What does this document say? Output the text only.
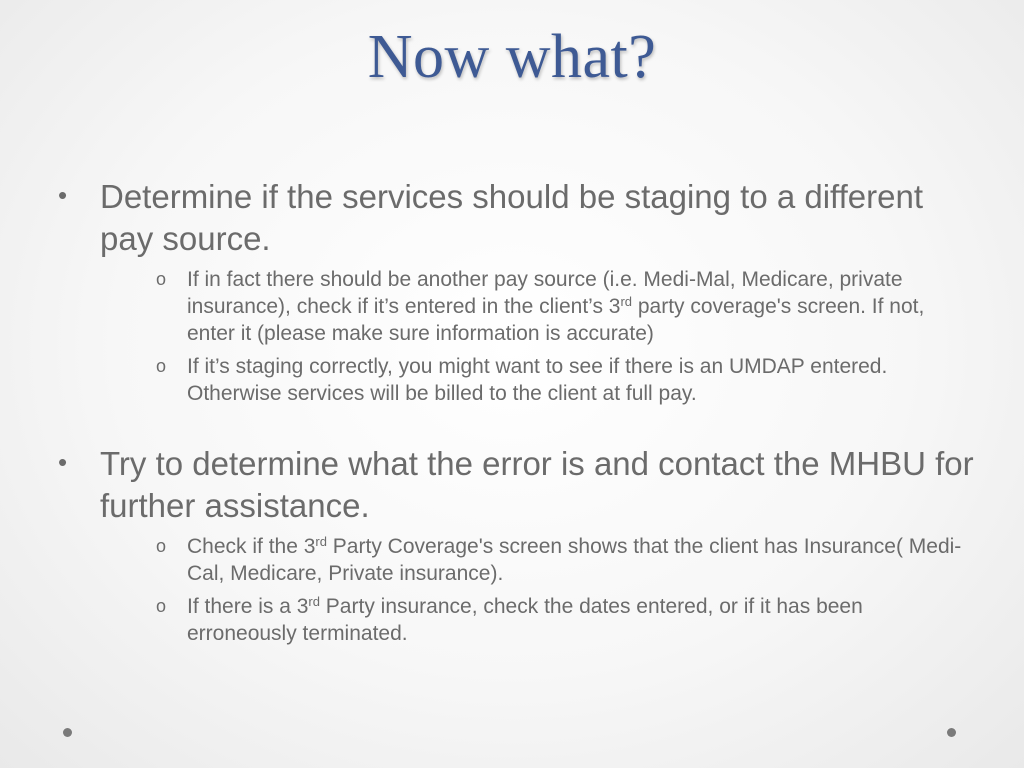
Now what?
• Determine if the services should be staging to a different pay source.
o If in fact there should be another pay source (i.e. Medi-Mal, Medicare, private insurance), check if it’s entered in the client’s 3rd party coverage's screen. If not, enter it (please make sure information is accurate)
o If it’s staging correctly, you might want to see if there is an UMDAP entered. Otherwise services will be billed to the client at full pay.
• Try to determine what the error is and contact the MHBU for further assistance.
o Check if the 3rd Party Coverage's screen shows that the client has Insurance( Medi-Cal, Medicare, Private insurance).
o If there is a 3rd Party insurance, check the dates entered, or if it has been erroneously terminated.
